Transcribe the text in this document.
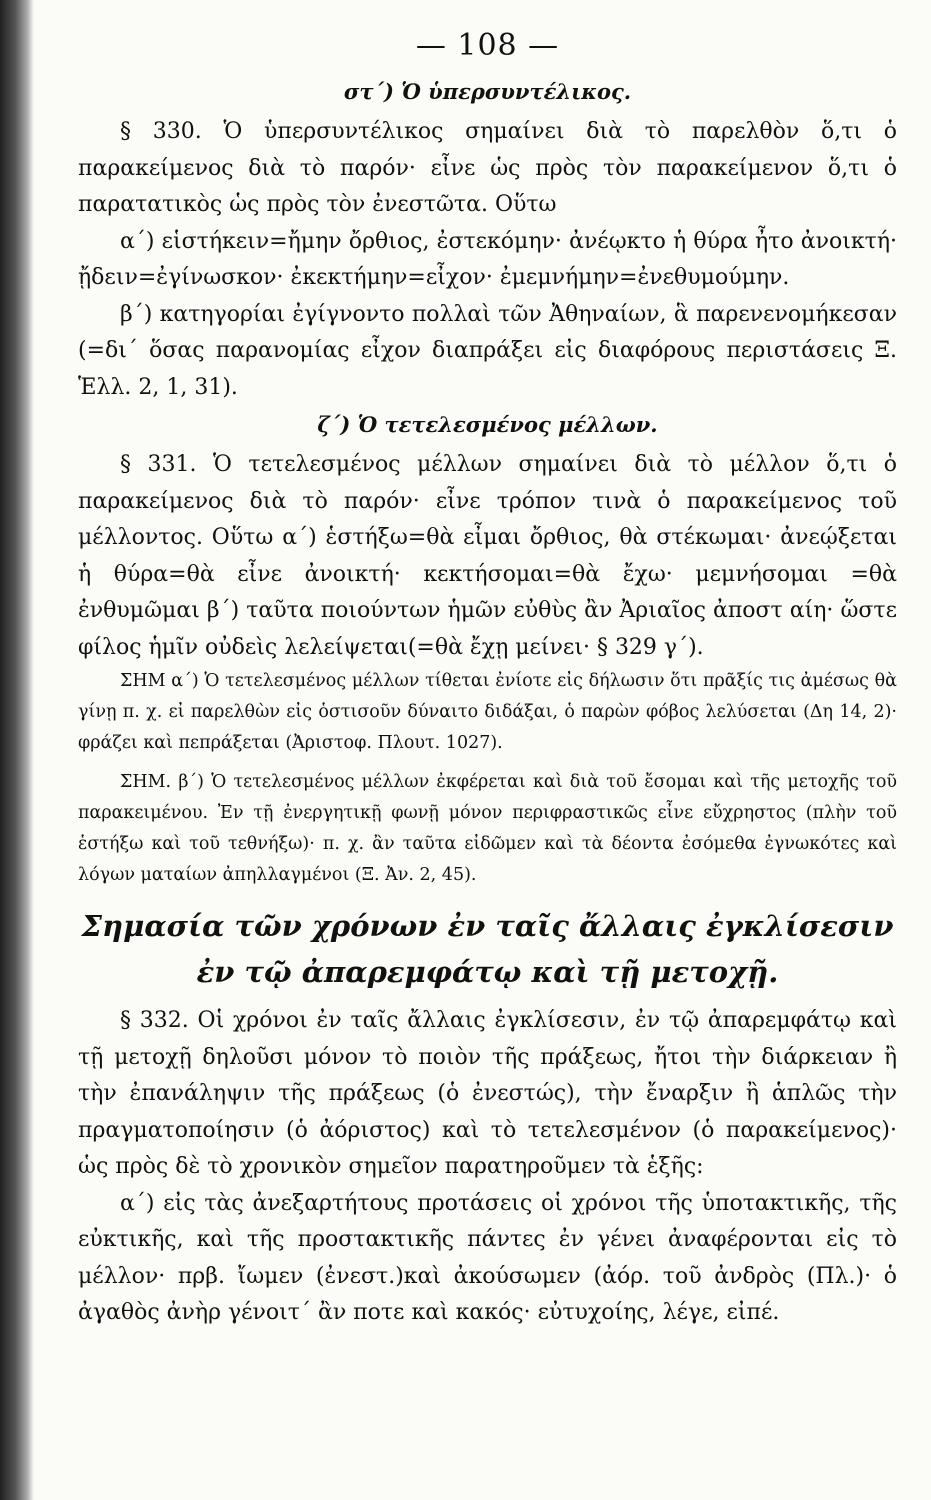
— 108 —
στ΄) Ὁ ὑπερσυντέλικος.

§ 330. Ὁ ὑπερσυντέλικος σημαίνει διὰ τὸ παρελθὸν ὅ,τι ὁ παρακείμενος διὰ τὸ παρόν· εἶνε ὡς πρὸς τὸν παρακείμενον ὅ,τι ὁ παρατατικὸς ὡς πρὸς τὸν ἐνεστῶτα. Οὕτω

α΄) εἱστήκειν=ἤμην ὄρθιος, ἐστεκόμην· ἀνέῳκτο ἡ θύρα ἦτο ἀνοικτή· ᾔδειν=ἐγίνωσκον· ἐκεκτήμην=εἶχον· ἐμεμνήμην=ἐνεθυμούμην.

β΄) κατηγορίαι ἐγίγνοντο πολλαὶ τῶν Ἀθηναίων, ἃ παρενενομήκεσαν (=δι΄ ὅσας παρανομίας εἶχον διαπράξει εἰς διαφόρους περιστάσεις Ξ. Ἑλλ. 2, 1, 31).

ζ΄) Ὁ τετελεσμένος μέλλων.

§ 331. Ὁ τετελεσμένος μέλλων σημαίνει διὰ τὸ μέλλον ὅ,τι ὁ παρακείμενος διὰ τὸ παρόν· εἶνε τρόπον τινὰ ὁ παρακείμενος τοῦ μέλλοντος. Οὕτω α΄) ἑστήξω=θὰ εἶμαι ὄρθιος, θὰ στέκωμαι· ἀνεῴξεται ἡ θύρα=θὰ εἶνε ἀνοικτή· κεκτήσομαι=θὰ ἔχω· μεμνήσομαι =θὰ ἐνθυμῶμαι β΄) ταῦτα ποιούντων ἡμῶν εὐθὺς ἂν Ἀριαῖος ἀποστ αίη· ὥστε φίλος ἡμῖν οὐδεὶς λελείψεται(=θὰ ἔχῃ μείνει· § 329 γ΄).

ΣΗΜ α΄) Ὁ τετελεσμένος μέλλων τίθεται ἐνίοτε εἰς δήλωσιν ὅτι πρᾶξίς τις ἀμέσως θὰ γίνῃ π. χ. εἰ παρελθὼν εἰς ὁστισοῦν δύναιτο διδάξαι, ὁ παρὼν φόβος λελύσεται (Δη 14, 2)· φράζει καὶ πεπράξεται (Ἀριστοφ. Πλουτ. 1027).

ΣΗΜ. β΄) Ὁ τετελεσμένος μέλλων ἐκφέρεται καὶ διὰ τοῦ ἔσομαι καὶ τῆς μετοχῆς τοῦ παρακειμένου. Ἐν τῇ ἐνεργητικῇ φωνῇ μόνον περιφραστικῶς εἶνε εὔχρηστος (πλὴν τοῦ ἑστήξω καὶ τοῦ τεθνήξω)· π. χ. ἂν ταῦτα εἰδῶμεν καὶ τὰ δέοντα ἐσόμεθα ἐγνωκότες καὶ λόγων ματαίων ἀπηλλαγμένοι (Ξ. Ἀν. 2, 45).

Σημασία τῶν χρόνων ἐν ταῖς ἄλλαις ἐγκλίσεσιν
ἐν τῷ ἀπαρεμφάτῳ καὶ τῇ μετοχῇ.

§ 332. Οἱ χρόνοι ἐν ταῖς ἄλλαις ἐγκλίσεσιν, ἐν τῷ ἀπαρεμφάτῳ καὶ τῇ μετοχῇ δηλοῦσι μόνον τὸ ποιὸν τῆς πράξεως, ἤτοι τὴν διάρκειαν ἢ τὴν ἐπανάληψιν τῆς πράξεως (ὁ ἐνεστώς), τὴν ἔναρξιν ἢ ἁπλῶς τὴν πραγματοποίησιν (ὁ ἀόριστος) καὶ τὸ τετελεσμένον (ὁ παρακείμενος)· ὡς πρὸς δὲ τὸ χρονικὸν σημεῖον παρατηροῦμεν τὰ ἑξῆς:

α΄) εἰς τὰς ἀνεξαρτήτους προτάσεις οἱ χρόνοι τῆς ὑποτακτικῆς, τῆς εὐκτικῆς, καὶ τῆς προστακτικῆς πάντες ἐν γένει ἀναφέρονται εἰς τὸ μέλλον· πρβ. ἴωμεν (ἐνεστ.)καὶ ἀκούσωμεν (ἀόρ. τοῦ ἀνδρὸς (Πλ.)· ὁ ἀγαθὸς ἀνὴρ γένοιτ΄ ἂν ποτε καὶ κακός· εὐτυχοίης, λέγε, εἰπέ.
